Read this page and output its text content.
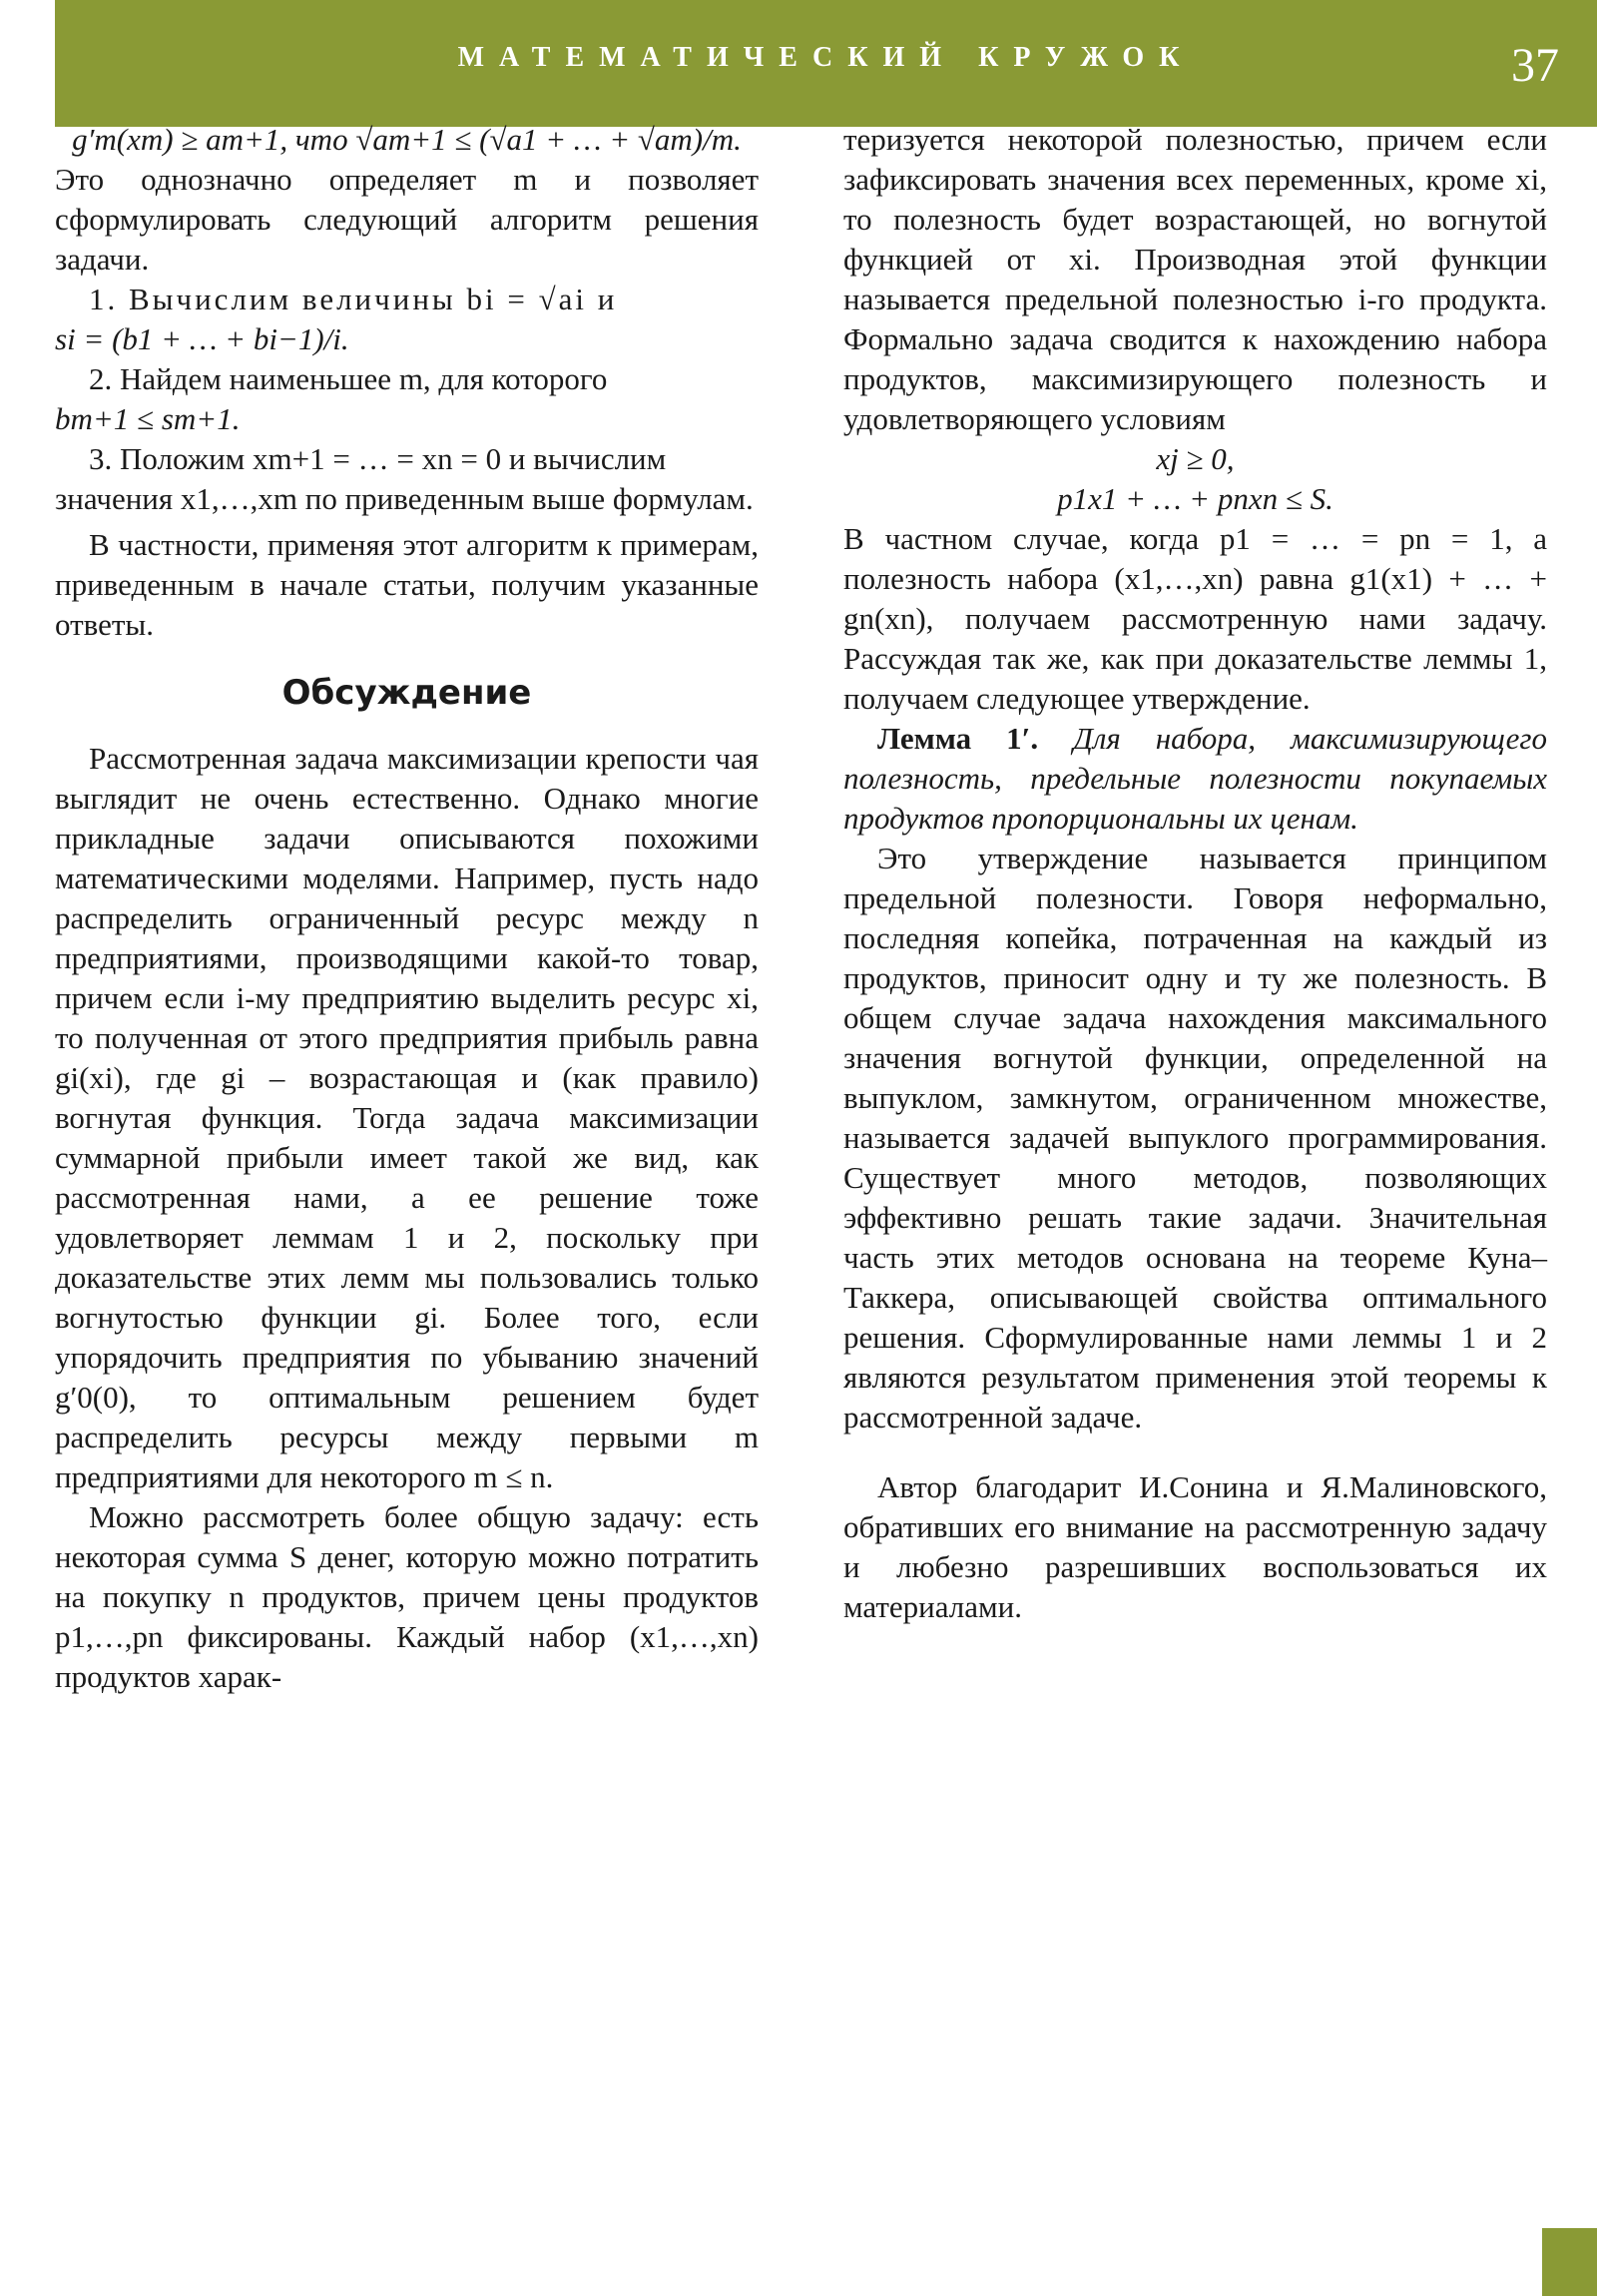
МАТЕМАТИЧЕСКИЙ КРУЖОК	37

g′m(xm) ≥ am+1, что √am+1 ≤ (√a1 + … + √am)/m.

Это однозначно определяет m и позволяет сформулировать следующий алгоритм решения задачи.

1. Вычислим величины bi = √ai и

si = (b1 + … + bi−1)/i.

2. Найдем наименьшее m, для которого

bm+1 ≤ sm+1.

3. Положим xm+1 = … = xn = 0 и вычислим

значения x1,…,xm по приведенным выше формулам.

В частности, применяя этот алгоритм к примерам, приведенным в начале статьи, получим указанные ответы.

Обсуждение

Рассмотренная задача максимизации крепости чая выглядит не очень естественно. Однако многие прикладные задачи описываются похожими математическими моделями. Например, пусть надо распределить ограниченный ресурс между n предприятиями, производящими какой-то товар, причем если i-му предприятию выделить ресурс xi, то полученная от этого предприятия прибыль равна gi(xi), где gi – возрастающая и (как правило) вогнутая функция. Тогда задача максимизации суммарной прибыли имеет такой же вид, как рассмотренная нами, а ее решение тоже удовлетворяет леммам 1 и 2, поскольку при доказательстве этих лемм мы пользовались только вогнутостью функции gi. Более того, если упорядочить предприятия по убыванию значений g′0(0), то оптимальным решением будет распределить ресурсы между первыми m предприятиями для некоторого m ≤ n.

Можно рассмотреть более общую задачу: есть некоторая сумма S денег, которую можно потратить на покупку n продуктов, причем цены продуктов p1,…,pn фиксированы. Каждый набор (x1,…,xn) продуктов харак-

теризуется некоторой полезностью, причем если зафиксировать значения всех переменных, кроме xi, то полезность будет возрастающей, но вогнутой функцией от xi. Производная этой функции называется предельной полезностью i-го продукта. Формально задача сводится к нахождению набора продуктов, максимизирующего полезность и удовлетворяющего условиям

xj ≥ 0,

p1x1 + … + pnxn ≤ S.

В частном случае, когда p1 = … = pn = 1, а полезность набора (x1,…,xn) равна g1(x1) + … + gn(xn), получаем рассмотренную нами задачу. Рассуждая так же, как при доказательстве леммы 1, получаем следующее утверждение.

Лемма 1′. Для набора, максимизирующего полезность, предельные полезности покупаемых продуктов пропорциональны их ценам.

Это утверждение называется принципом предельной полезности. Говоря неформально, последняя копейка, потраченная на каждый из продуктов, приносит одну и ту же полезность. В общем случае задача нахождения максимального значения вогнутой функции, определенной на выпуклом, замкнутом, ограниченном множестве, называется задачей выпуклого программирования. Существует много методов, позволяющих эффективно решать такие задачи. Значительная часть этих методов основана на теореме Куна–Таккера, описывающей свойства оптимального решения. Сформулированные нами леммы 1 и 2 являются результатом применения этой теоремы к рассмотренной задаче.

Автор благодарит И.Сонина и Я.Малиновского, обративших его внимание на рассмотренную задачу и любезно разрешивших воспользоваться их материалами.
